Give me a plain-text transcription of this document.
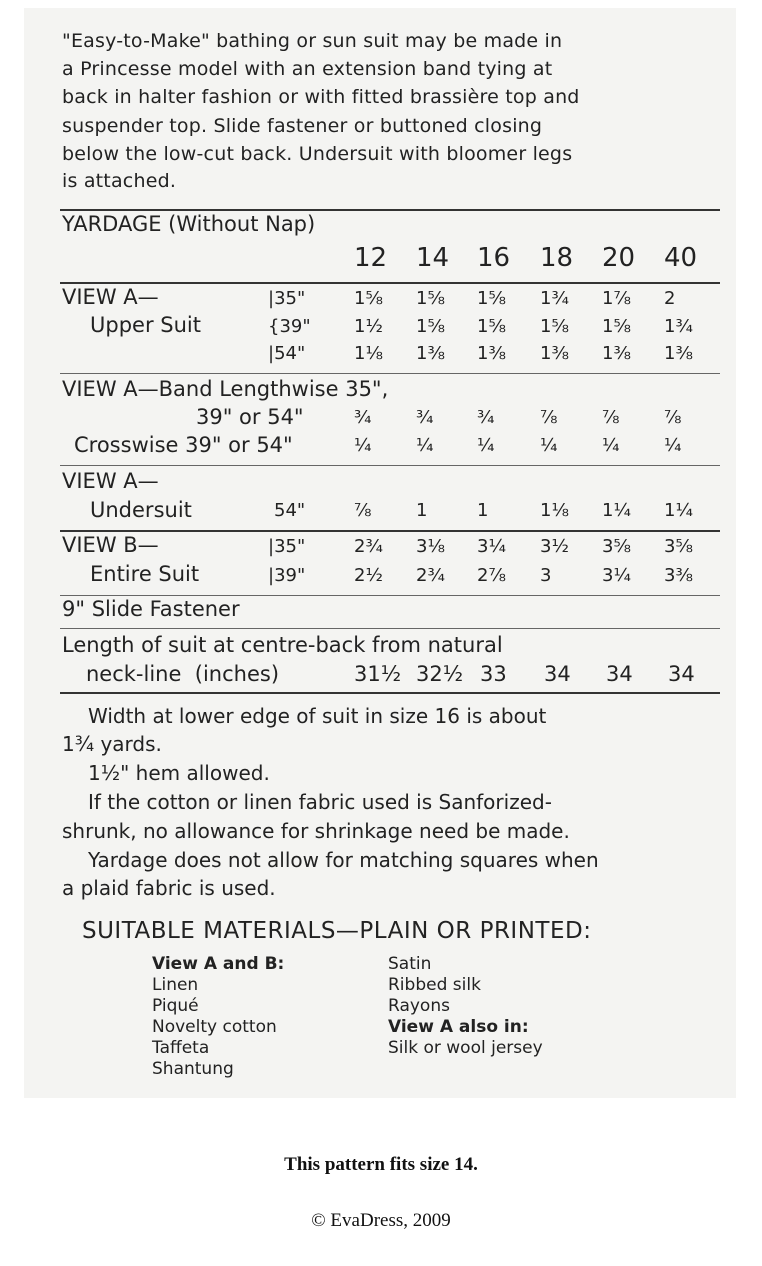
"Easy-to-Make" bathing or sun suit may be made in
a Princesse model with an extension band tying at
back in halter fashion or with fitted brassière top and
suspender top. Slide fastener or buttoned closing
below the low-cut back. Undersuit with bloomer legs
is attached.
YARDAGE (Without Nap)
12 14 16 18 20 40
VIEW A—
Upper Suit
|35"	1⅝ 1⅝ 1⅝ 1¾ 1⅞ 2
{39" 1½ 1⅝ 1⅝ 1⅝ 1⅝ 1¾
|54"	1⅛ 1⅜ 1⅜ 1⅜ 1⅜ 1⅜
VIEW A—Band Lengthwise 35",
39" or 54"	¾ ¾ ¾	⅞ ⅞ ⅞
Crosswise 39" or 54"	¼ ¼ ¼	¼ ¼ ¼
VIEW A—
Undersuit	54"	⅞ 1	1	1⅛ 1¼ 1¼
VIEW B—
Entire Suit
|35"	2¾ 3⅛ 3¼ 3½ 3⅝ 3⅝
|39"	2½ 2¾ 2⅞ 3	3¼ 3⅜
9" Slide Fastener
Length of suit at centre-back from natural
neck-line  (inches)	31½ 32½ 33 34 34 34
Width at lower edge of suit in size 16 is about
1¾ yards.
1½" hem allowed.
If the cotton or linen fabric used is Sanforized-
shrunk, no allowance for shrinkage need be made.
Yardage does not allow for matching squares when
a plaid fabric is used.
SUITABLE MATERIALS—PLAIN OR PRINTED:
View A and B:
Linen
Piqué
Novelty cotton
Taffeta
Shantung
Satin
Ribbed silk
Rayons
View A also in:
Silk or wool jersey
This pattern fits size 14.
© EvaDress, 2009
